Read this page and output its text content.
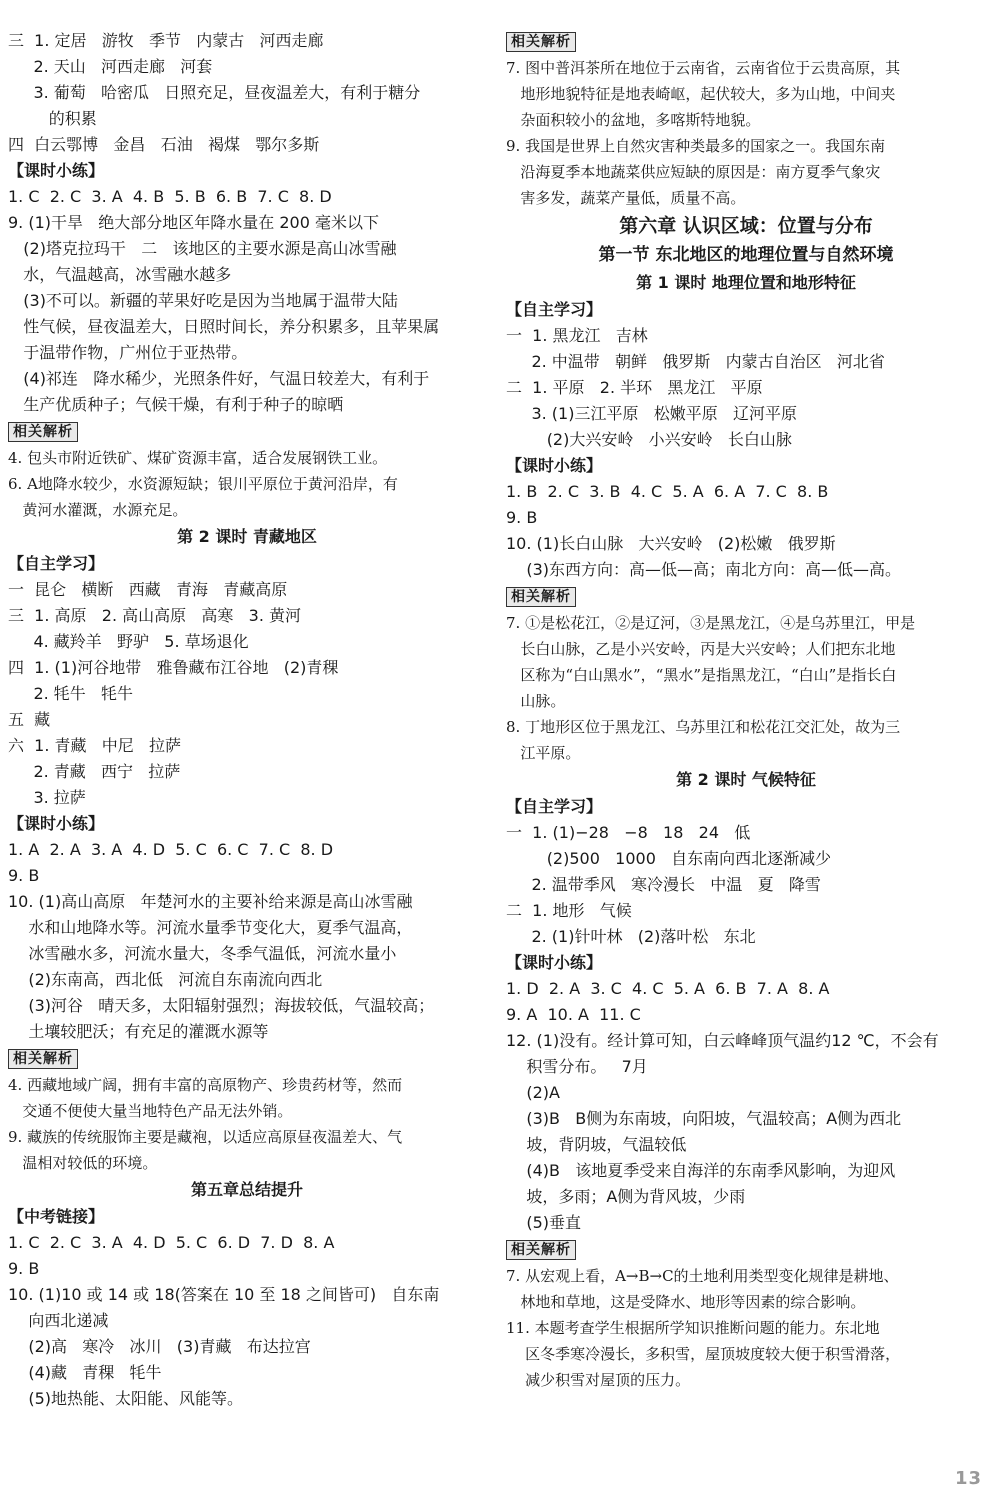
三  1. 定居   游牧   季节   内蒙古   河西走廊
2. 天山   河西走廊   河套
3. 葡萄   哈密瓜   日照充足，昼夜温差大，有利于糖分
的积累
四  白云鄂博   金昌   石油   褐煤   鄂尔多斯
【课时小练】
1. C  2. C  3. A  4. B  5. B  6. B  7. C  8. D
9. (1)干旱   绝大部分地区年降水量在 200 毫米以下
(2)塔克拉玛干   二   该地区的主要水源是高山冰雪融
水，气温越高，冰雪融水越多
(3)不可以。新疆的苹果好吃是因为当地属于温带大陆
性气候，昼夜温差大，日照时间长，养分积累多，且苹果属
于温带作物，广州位于亚热带。
(4)祁连   降水稀少，光照条件好，气温日较差大，有利于
生产优质种子；气候干燥，有利于种子的晾晒
相关解析
4. 包头市附近铁矿、煤矿资源丰富，适合发展钢铁工业。
6. A地降水较少，水资源短缺；银川平原位于黄河沿岸，有
黄河水灌溉，水源充足。
第 2 课时 青藏地区
【自主学习】
一  昆仑   横断   西藏   青海   青藏高原
三  1. 高原   2. 高山高原   高寒   3. 黄河
4. 藏羚羊   野驴   5. 草场退化
四  1. (1)河谷地带   雅鲁藏布江谷地   (2)青稞
2. 牦牛   牦牛
五  藏
六  1. 青藏   中尼   拉萨
2. 青藏   西宁   拉萨
3. 拉萨
【课时小练】
1. A  2. A  3. A  4. D  5. C  6. C  7. C  8. D
9. B
10. (1)高山高原   年楚河水的主要补给来源是高山冰雪融
水和山地降水等。河流水量季节变化大，夏季气温高，
冰雪融水多，河流水量大，冬季气温低，河流水量小
(2)东南高，西北低   河流自东南流向西北
(3)河谷   晴天多，太阳辐射强烈；海拔较低，气温较高；
土壤较肥沃；有充足的灌溉水源等
相关解析
4. 西藏地域广阔，拥有丰富的高原物产、珍贵药材等，然而
交通不便使大量当地特色产品无法外销。
9. 藏族的传统服饰主要是藏袍，以适应高原昼夜温差大、气
温相对较低的环境。
第五章总结提升
【中考链接】
1. C  2. C  3. A  4. D  5. C  6. D  7. D  8. A
9. B
10. (1)10 或 14 或 18(答案在 10 至 18 之间皆可)   自东南
向西北递减
(2)高   寒冷   冰川   (3)青藏   布达拉宫
(4)藏   青稞   牦牛
(5)地热能、太阳能、风能等。
相关解析
7. 图中普洱茶所在地位于云南省，云南省位于云贵高原，其
地形地貌特征是地表崎岖，起伏较大，多为山地，中间夹
杂面积较小的盆地，多喀斯特地貌。
9. 我国是世界上自然灾害种类最多的国家之一。我国东南
沿海夏季本地蔬菜供应短缺的原因是：南方夏季气象灾
害多发，蔬菜产量低，质量不高。
第六章 认识区域：位置与分布
第一节 东北地区的地理位置与自然环境
第 1 课时 地理位置和地形特征
【自主学习】
一  1. 黑龙江   吉林
2. 中温带   朝鲜   俄罗斯   内蒙古自治区   河北省
二  1. 平原   2. 半环   黑龙江   平原
3. (1)三江平原   松嫩平原   辽河平原
(2)大兴安岭   小兴安岭   长白山脉
【课时小练】
1. B  2. C  3. B  4. C  5. A  6. A  7. C  8. B
9. B
10. (1)长白山脉   大兴安岭   (2)松嫩   俄罗斯
(3)东西方向：高—低—高；南北方向：高—低—高。
相关解析
7. ①是松花江，②是辽河，③是黑龙江，④是乌苏里江，甲是
长白山脉，乙是小兴安岭，丙是大兴安岭；人们把东北地
区称为“白山黑水”，“黑水”是指黑龙江，“白山”是指长白
山脉。
8. 丁地形区位于黑龙江、乌苏里江和松花江交汇处，故为三
江平原。
第 2 课时 气候特征
【自主学习】
一  1. (1)−28   −8   18   24   低
(2)500   1000   自东南向西北逐渐减少
2. 温带季风   寒冷漫长   中温   夏   降雪
二  1. 地形   气候
2. (1)针叶林   (2)落叶松   东北
【课时小练】
1. D  2. A  3. C  4. C  5. A  6. B  7. A  8. A
9. A  10. A  11. C
12. (1)没有。经计算可知，白云峰峰顶气温约12 ℃，不会有
积雪分布。   7月
(2)A
(3)B   B侧为东南坡，向阳坡，气温较高；A侧为西北
坡，背阴坡，气温较低
(4)B   该地夏季受来自海洋的东南季风影响，为迎风
坡，多雨；A侧为背风坡，少雨
(5)垂直
相关解析
7. 从宏观上看，A→B→C的土地利用类型变化规律是耕地、
林地和草地，这是受降水、地形等因素的综合影响。
11. 本题考查学生根据所学知识推断问题的能力。东北地
区冬季寒冷漫长，多积雪，屋顶坡度较大便于积雪滑落，
减少积雪对屋顶的压力。
13
